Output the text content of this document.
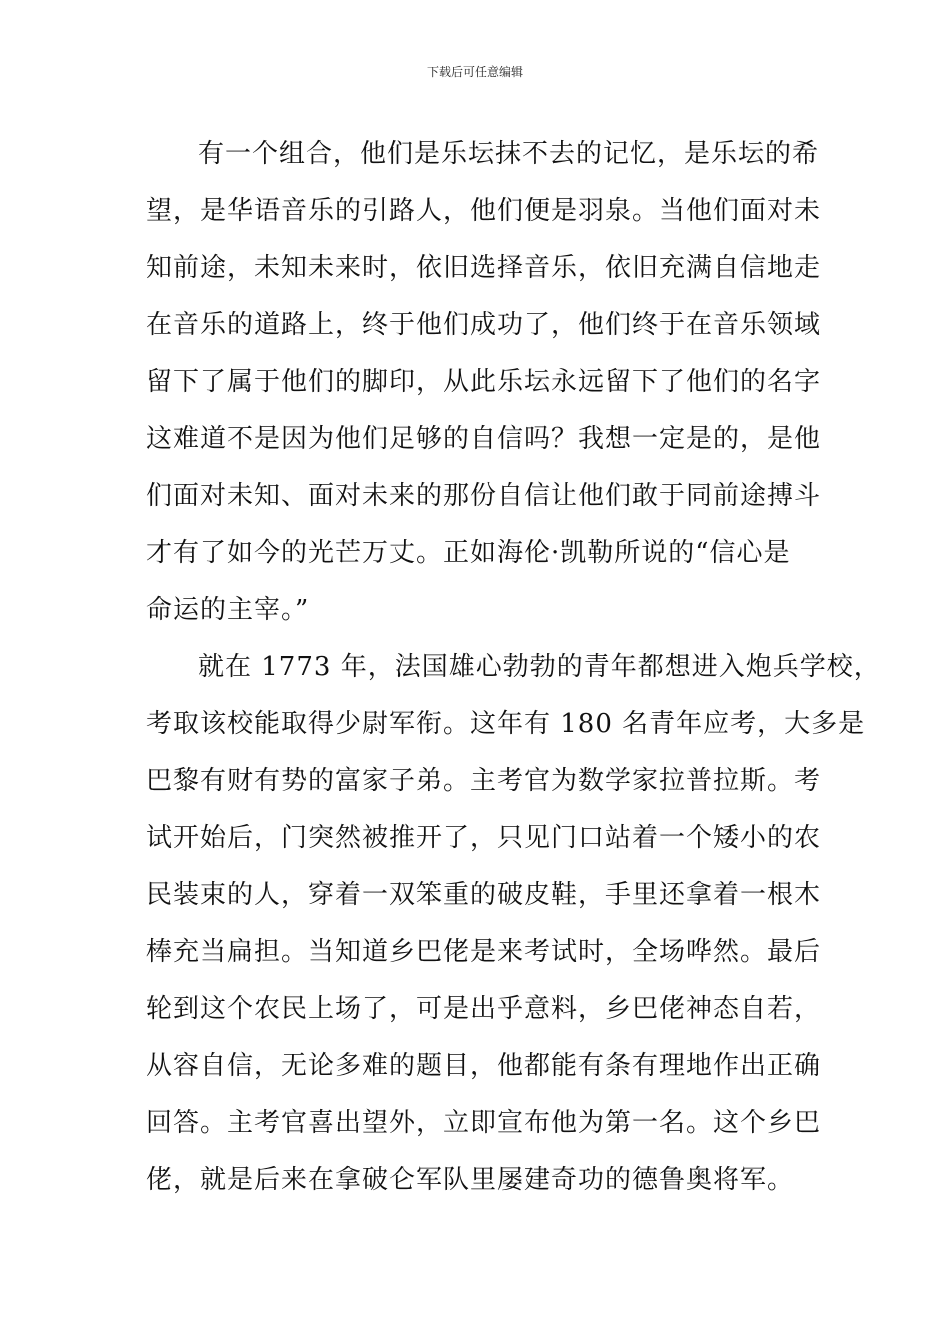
下载后可任意编辑
有一个组合，他们是乐坛抹不去的记忆，是乐坛的希
望，是华语音乐的引路人，他们便是羽泉。当他们面对未
知前途，未知未来时，依旧选择音乐，依旧充满自信地走
在音乐的道路上，终于他们成功了，他们终于在音乐领域
留下了属于他们的脚印，从此乐坛永远留下了他们的名字
这难道不是因为他们足够的自信吗？我想一定是的，是他
们面对未知、面对未来的那份自信让他们敢于同前途搏斗
才有了如今的光芒万丈。正如海伦·凯勒所说的“信心是
命运的主宰。”
就在 1773 年，法国雄心勃勃的青年都想进入炮兵学校，
考取该校能取得少尉军衔。这年有 180 名青年应考，大多是
巴黎有财有势的富家子弟。主考官为数学家拉普拉斯。考
试开始后，门突然被推开了，只见门口站着一个矮小的农
民装束的人，穿着一双笨重的破皮鞋，手里还拿着一根木
棒充当扁担。当知道乡巴佬是来考试时，全场哗然。最后
轮到这个农民上场了，可是出乎意料，乡巴佬神态自若，
从容自信，无论多难的题目，他都能有条有理地作出正确
回答。主考官喜出望外，立即宣布他为第一名。这个乡巴
佬，就是后来在拿破仑军队里屡建奇功的德鲁奥将军。
